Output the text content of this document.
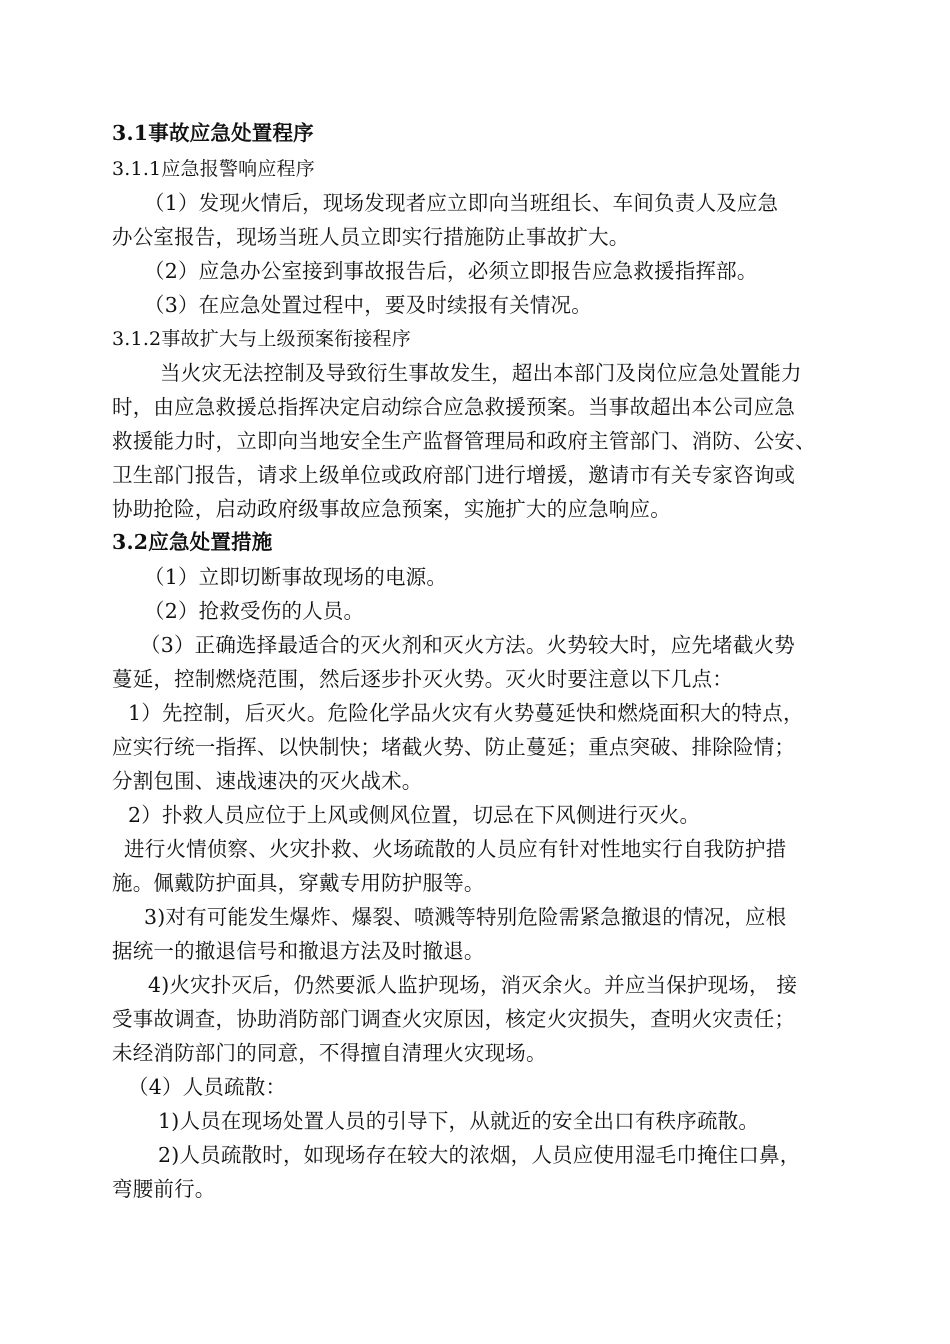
3.1事故应急处置程序
3.1.1应急报警响应程序
（1）发现火情后，现场发现者应立即向当班组长、车间负责人及应急
办公室报告，现场当班人员立即实行措施防止事故扩大。
（2）应急办公室接到事故报告后，必须立即报告应急救援指挥部。
（3）在应急处置过程中，要及时续报有关情况。
3.1.2事故扩大与上级预案衔接程序
当火灾无法控制及导致衍生事故发生，超出本部门及岗位应急处置能力
时，由应急救援总指挥决定启动综合应急救援预案。当事故超出本公司应急
救援能力时，立即向当地安全生产监督管理局和政府主管部门、消防、公安、
卫生部门报告，请求上级单位或政府部门进行增援，邀请市有关专家咨询或
协助抢险，启动政府级事故应急预案，实施扩大的应急响应。
3.2应急处置措施
（1）立即切断事故现场的电源。
（2）抢救受伤的人员。
（3）正确选择最适合的灭火剂和灭火方法。火势较大时，应先堵截火势
蔓延，控制燃烧范围，然后逐步扑灭火势。灭火时要注意以下几点：
1）先控制，后灭火。危险化学品火灾有火势蔓延快和燃烧面积大的特点，
应实行统一指挥、以快制快；堵截火势、防止蔓延；重点突破、排除险情；
分割包围、速战速决的灭火战术。
2）扑救人员应位于上风或侧风位置，切忌在下风侧进行灭火。
进行火情侦察、火灾扑救、火场疏散的人员应有针对性地实行自我防护措
施。佩戴防护面具，穿戴专用防护服等。
3)对有可能发生爆炸、爆裂、喷溅等特别危险需紧急撤退的情况，应根
据统一的撤退信号和撤退方法及时撤退。
4)火灾扑灭后，仍然要派人监护现场，消灭余火。并应当保护现场， 接
受事故调查，协助消防部门调查火灾原因，核定火灾损失，查明火灾责任；
未经消防部门的同意，不得擅自清理火灾现场。
（4）人员疏散：
1)人员在现场处置人员的引导下，从就近的安全出口有秩序疏散。
2)人员疏散时，如现场存在较大的浓烟，人员应使用湿毛巾掩住口鼻，
弯腰前行。
